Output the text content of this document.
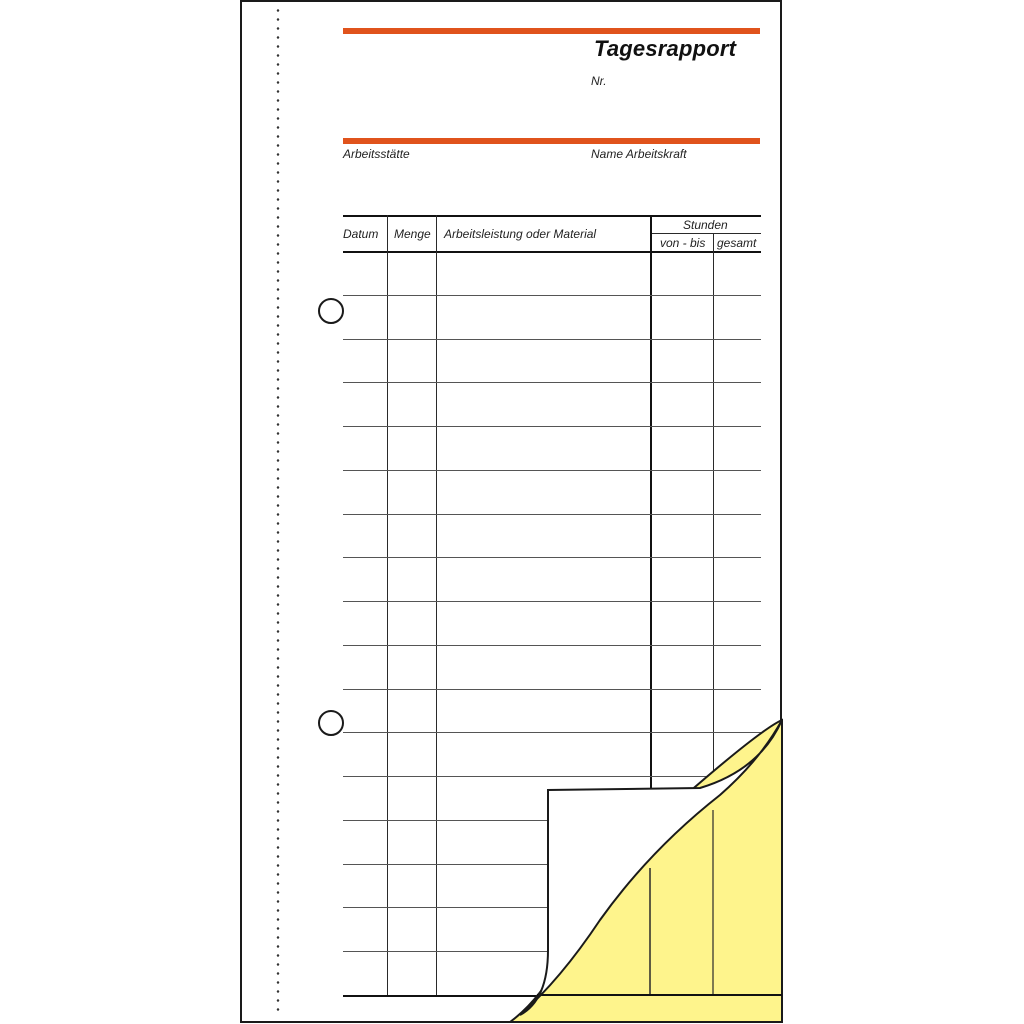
Tagesrapport
Nr.
Arbeitsstätte	Name Arbeitskraft
Datum Menge Arbeitsleistung oder Material
Stunden
von - bis gesamt
